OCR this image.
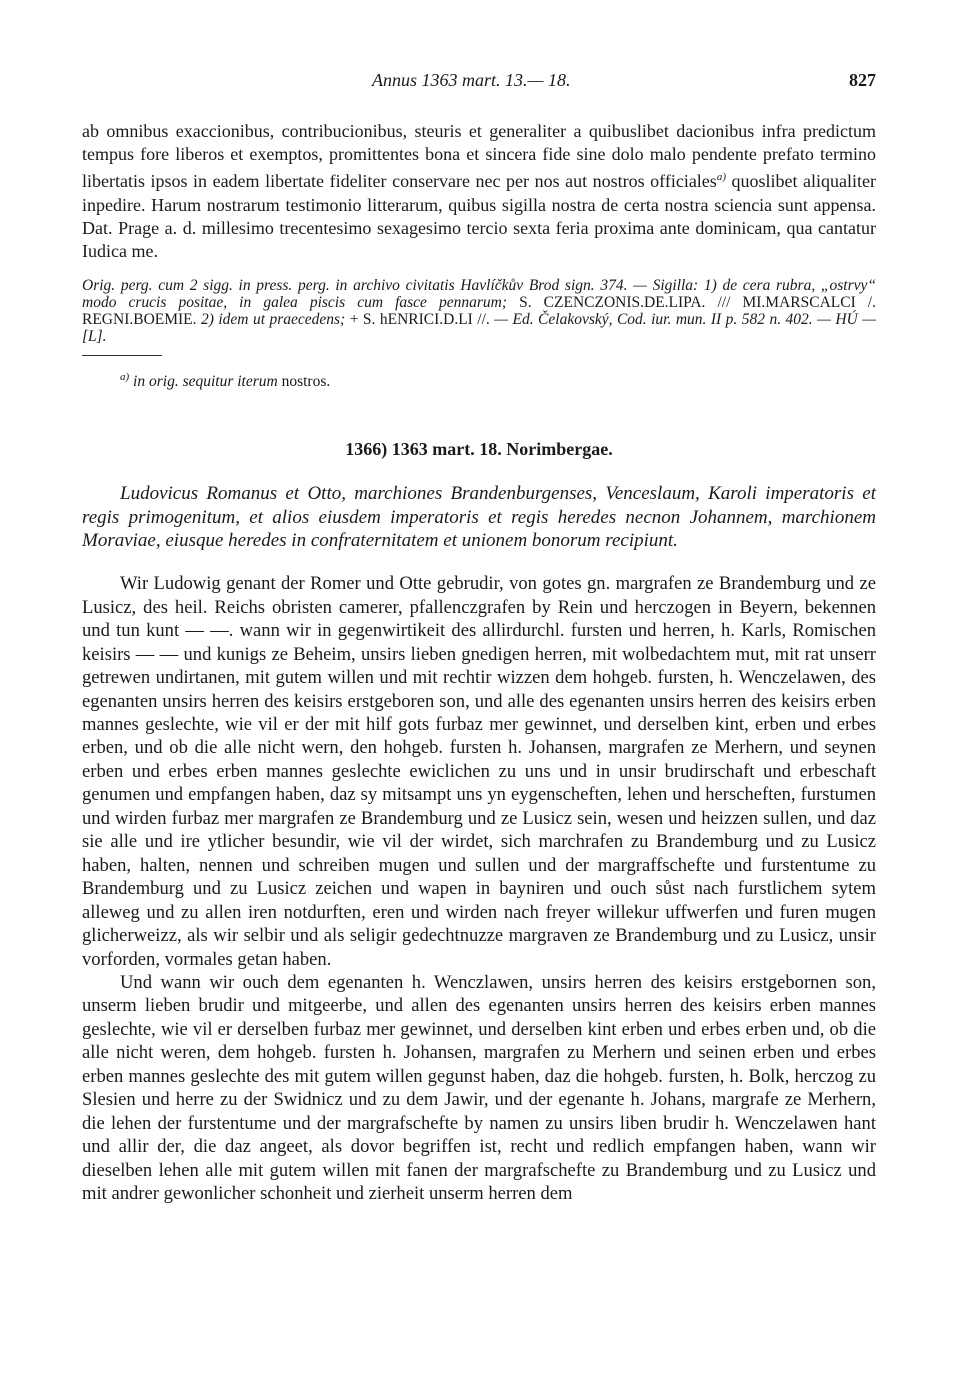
Annus 1363 mart. 13.— 18.	827

ab omnibus exaccionibus, contribucionibus, steuris et generaliter a quibuslibet dacionibus infra predictum tempus fore liberos et exemptos, promittentes bona et sincera fide sine dolo malo pendente prefato termino libertatis ipsos in eadem libertate fideliter conservare nec per nos aut nostros officiales$^{a)}$ quoslibet aliqualiter inpedire. Harum nostrarum testimonio litterarum, quibus sigilla nostra de certa nostra sciencia sunt appensa. Dat. Prage a. d. millesimo trecentesimo sexagesimo tercio sexta feria proxima ante dominicam, qua cantatur Iudica me.

Orig. perg. cum 2 sigg. in press. perg. in archivo civitatis Havlíčkův Brod sign. 374. — Sigilla: 1) de cera rubra, „ostrvy“ modo crucis positae, in galea piscis cum fasce pennarum; S. CZENCZONIS.DE.LIPA. /// MI.MARSCALCI /. REGNI.BOEMIE. 2) idem ut praecedens; + S. hENRICI.D.LI //. — Ed. Čelakovský, Cod. iur. mun. II p. 582 n. 402. — HÚ — [L].

$^{a)}$ in orig. sequitur iterum nostros.

1366) 1363 mart. 18. Norimbergae.

Ludovicus Romanus et Otto, marchiones Brandenburgenses, Venceslaum, Karoli imperatoris et regis primogenitum, et alios eiusdem imperatoris et regis heredes necnon Johannem, marchionem Moraviae, eiusque heredes in confraternitatem et unionem bonorum recipiunt.

Wir Ludowig genant der Romer und Otte gebrudir, von gotes gn. margrafen ze Brandemburg und ze Lusicz, des heil. Reichs obristen camerer, pfallenczgrafen by Rein und herczogen in Beyern, bekennen und tun kunt — —. wann wir in gegenwirtikeit des allirdurchl. fursten und herren, h. Karls, Romischen keisirs — — und kunigs ze Beheim, unsirs lieben gnedigen herren, mit wolbedachtem mut, mit rat unserr getrewen undirtanen, mit gutem willen und mit rechtir wizzen dem hohgeb. fursten, h. Wenczelawen, des egenanten unsirs herren des keisirs erstgeboren son, und alle des egenanten unsirs herren des keisirs erben mannes geslechte, wie vil er der mit hilf gots furbaz mer gewinnet, und derselben kint, erben und erbes erben, und ob die alle nicht wern, den hohgeb. fursten h. Johansen, margrafen ze Merhern, und seynen erben und erbes erben mannes geslechte ewiclichen zu uns und in unsir brudirschaft und erbeschaft genumen und empfangen haben, daz sy mitsampt uns yn eygenscheften, lehen und herscheften, furstumen und wirden furbaz mer margrafen ze Brandemburg und ze Lusicz sein, wesen und heizzen sullen, und daz sie alle und ire ytlicher besundir, wie vil der wirdet, sich marchrafen zu Brandemburg und zu Lusicz haben, halten, nennen und schreiben mugen und sullen und der margraffschefte und furstentume zu Brandemburg und zu Lusicz zeichen und wapen in bayniren und ouch sůst nach furstlichem sytem alleweg und zu allen iren notdurften, eren und wirden nach freyer willekur uffwerfen und furen mugen glicherweizz, als wir selbir und als seligir gedechtnuzze margraven ze Brandemburg und zu Lusicz, unsir vorforden, vormales getan haben.

Und wann wir ouch dem egenanten h. Wenczlawen, unsirs herren des keisirs erstgebornen son, unserm lieben brudir und mitgeerbe, und allen des egenanten unsirs herren des keisirs erben mannes geslechte, wie vil er derselben furbaz mer gewinnet, und derselben kint erben und erbes erben und, ob die alle nicht weren, dem hohgeb. fursten h. Johansen, margrafen zu Merhern und seinen erben und erbes erben mannes geslechte des mit gutem willen gegunst haben, daz die hohgeb. fursten, h. Bolk, herczog zu Slesien und herre zu der Swidnicz und zu dem Jawir, und der egenante h. Johans, margrafe ze Merhern, die lehen der furstentume und der margrafschefte by namen zu unsirs liben brudir h. Wenczelawen hant und allir der, die daz angeet, als dovor begriffen ist, recht und redlich empfangen haben, wann wir dieselben lehen alle mit gutem willen mit fanen der margrafschefte zu Brandemburg und zu Lusicz und mit andrer gewonlicher schonheit und zierheit unserm herren dem
